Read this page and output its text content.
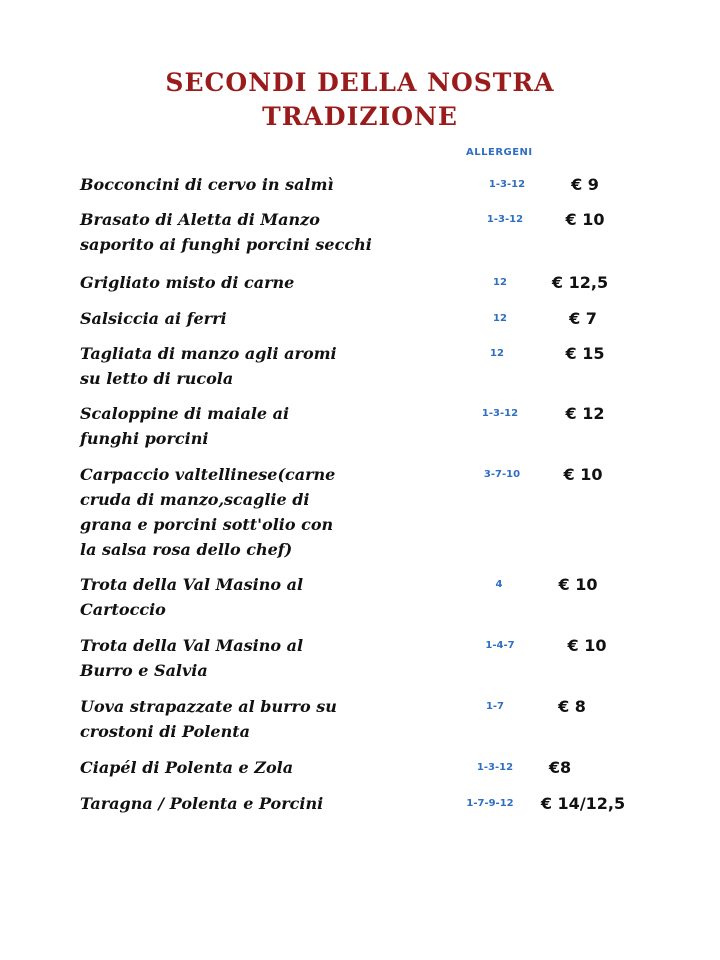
SECONDI DELLA NOSTRA
TRADIZIONE
ALLERGENI
Bocconcini di cervo in salmì	1-3-12	€ 9
Brasato di Aletta di Manzo
saporito ai funghi porcini secchi
1-3-12	€ 10
Grigliato misto di carne	12	€ 12,5
Salsiccia ai ferri	12	€ 7
Tagliata di manzo agli aromi
su letto di rucola
12	€ 15
Scaloppine di maiale ai
funghi porcini
1-3-12	€ 12
Carpaccio valtellinese(carne
cruda di manzo,scaglie di
grana e porcini sott'olio con
la salsa rosa dello chef)
3-7-10	€ 10
Trota della Val Masino al
Cartoccio
4	€ 10
Trota della Val Masino al
Burro e Salvia
1-4-7	€ 10
Uova strapazzate al burro su
crostoni di Polenta
1-7	€ 8
Ciapél di Polenta e Zola	1-3-12	€8
Taragna / Polenta e Porcini	1-7-9-12	€ 14/12,5
